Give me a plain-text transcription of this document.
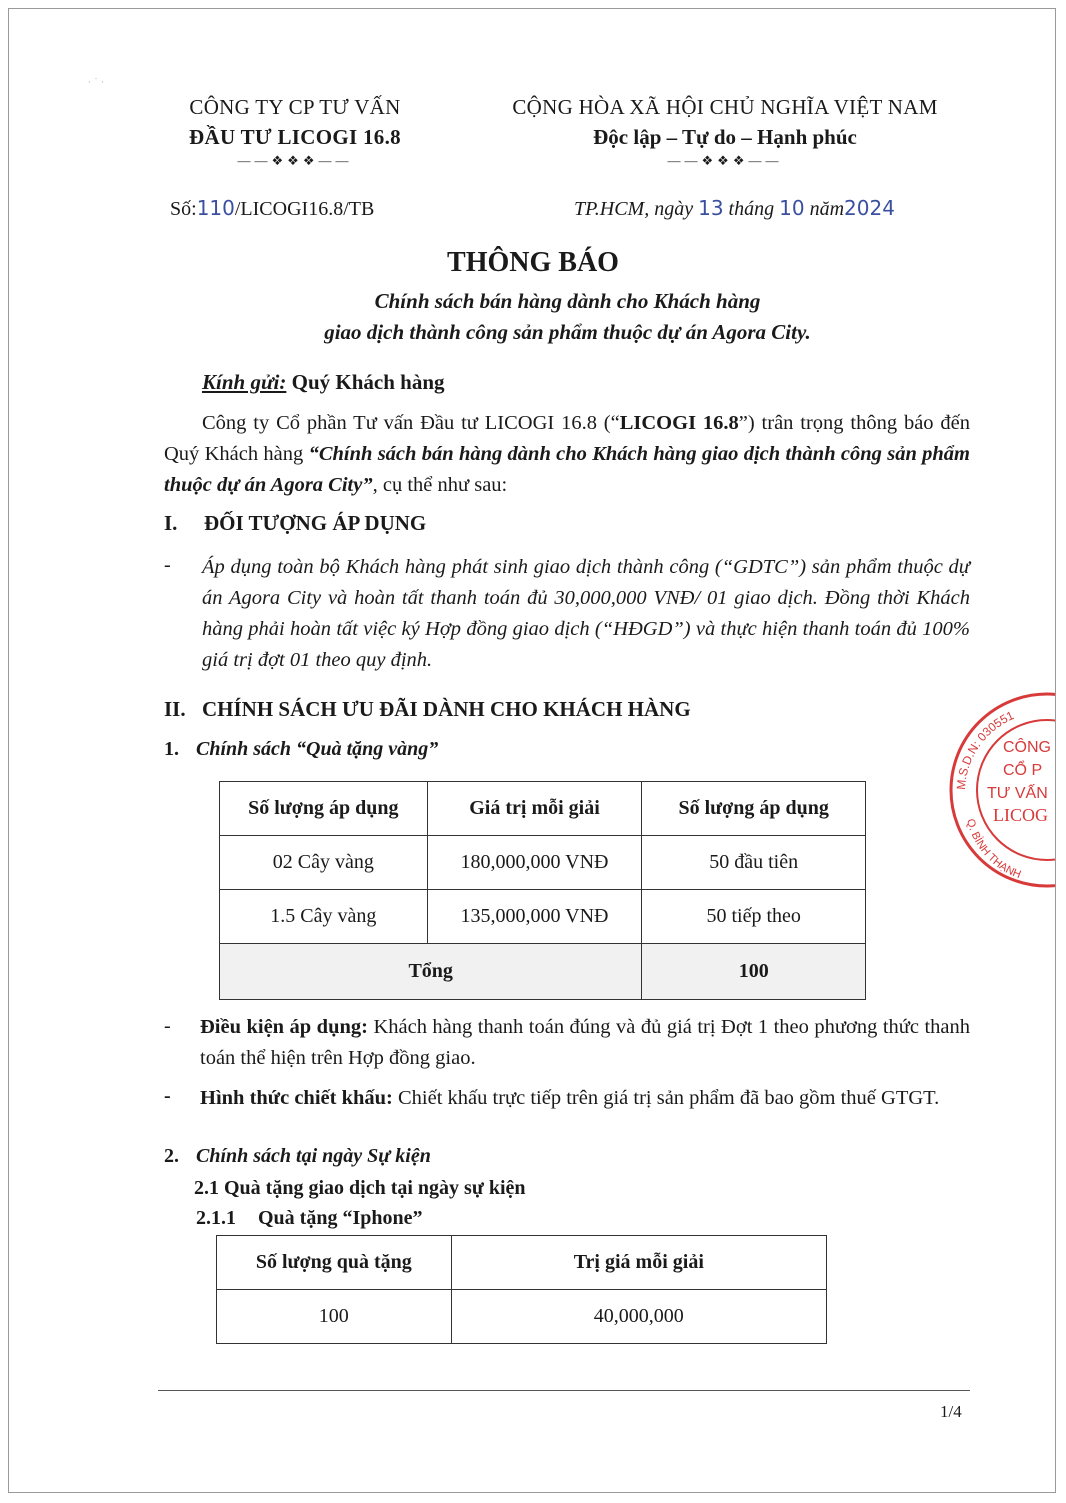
· ˙ ·
CÔNG TY CP TƯ VẤN
ĐẦU TƯ LICOGI 16.8
——❖❖❖——
CỘNG HÒA XÃ HỘI CHỦ NGHĨA VIỆT NAM
Độc lập – Tự do – Hạnh phúc
——❖❖❖——
Số:110/LICOGI16.8/TB	TP.HCM, ngày 13 tháng 10 năm2024
THÔNG BÁO
Chính sách bán hàng dành cho Khách hàng
giao dịch thành công sản phẩm thuộc dự án Agora City.
Kính gửi: Quý Khách hàng
Công ty Cổ phần Tư vấn Đầu tư LICOGI 16.8 (“LICOGI 16.8”) trân trọng thông báo đến Quý Khách hàng “Chính sách bán hàng dành cho Khách hàng giao dịch thành công sản phẩm thuộc dự án Agora City”, cụ thể như sau:
I. ĐỐI TƯỢNG ÁP DỤNG
- Áp dụng toàn bộ Khách hàng phát sinh giao dịch thành công (“GDTC”) sản phẩm thuộc dự án Agora City và hoàn tất thanh toán đủ 30,000,000 VNĐ/ 01 giao dịch. Đồng thời Khách hàng phải hoàn tất việc ký Hợp đồng giao dịch (“HĐGD”) và thực hiện thanh toán đủ 100% giá trị đợt 01 theo quy định.
II. CHÍNH SÁCH ƯU ĐÃI DÀNH CHO KHÁCH HÀNG
1. Chính sách “Quà tặng vàng”
Số lượng áp dụng	Giá trị mỗi giải	Số lượng áp dụng
02 Cây vàng	180,000,000 VNĐ	50 đầu tiên
1.5 Cây vàng	135,000,000 VNĐ	50 tiếp theo
Tổng		100
- Điều kiện áp dụng: Khách hàng thanh toán đúng và đủ giá trị Đợt 1 theo phương thức thanh toán thể hiện trên Hợp đồng giao.
- Hình thức chiết khấu: Chiết khấu trực tiếp trên giá trị sản phẩm đã bao gồm thuế GTGT.
2. Chính sách tại ngày Sự kiện
2.1 Quà tặng giao dịch tại ngày sự kiện
2.1.1 Quà tặng “Iphone”
Số lượng quà tặng	Trị giá mỗi giải
100	40,000,000
M.S.D.N: 030551
Q. BÌNH THẠNH
CÔNG
CỔ P
TƯ VẤN
LICOG
1/4
